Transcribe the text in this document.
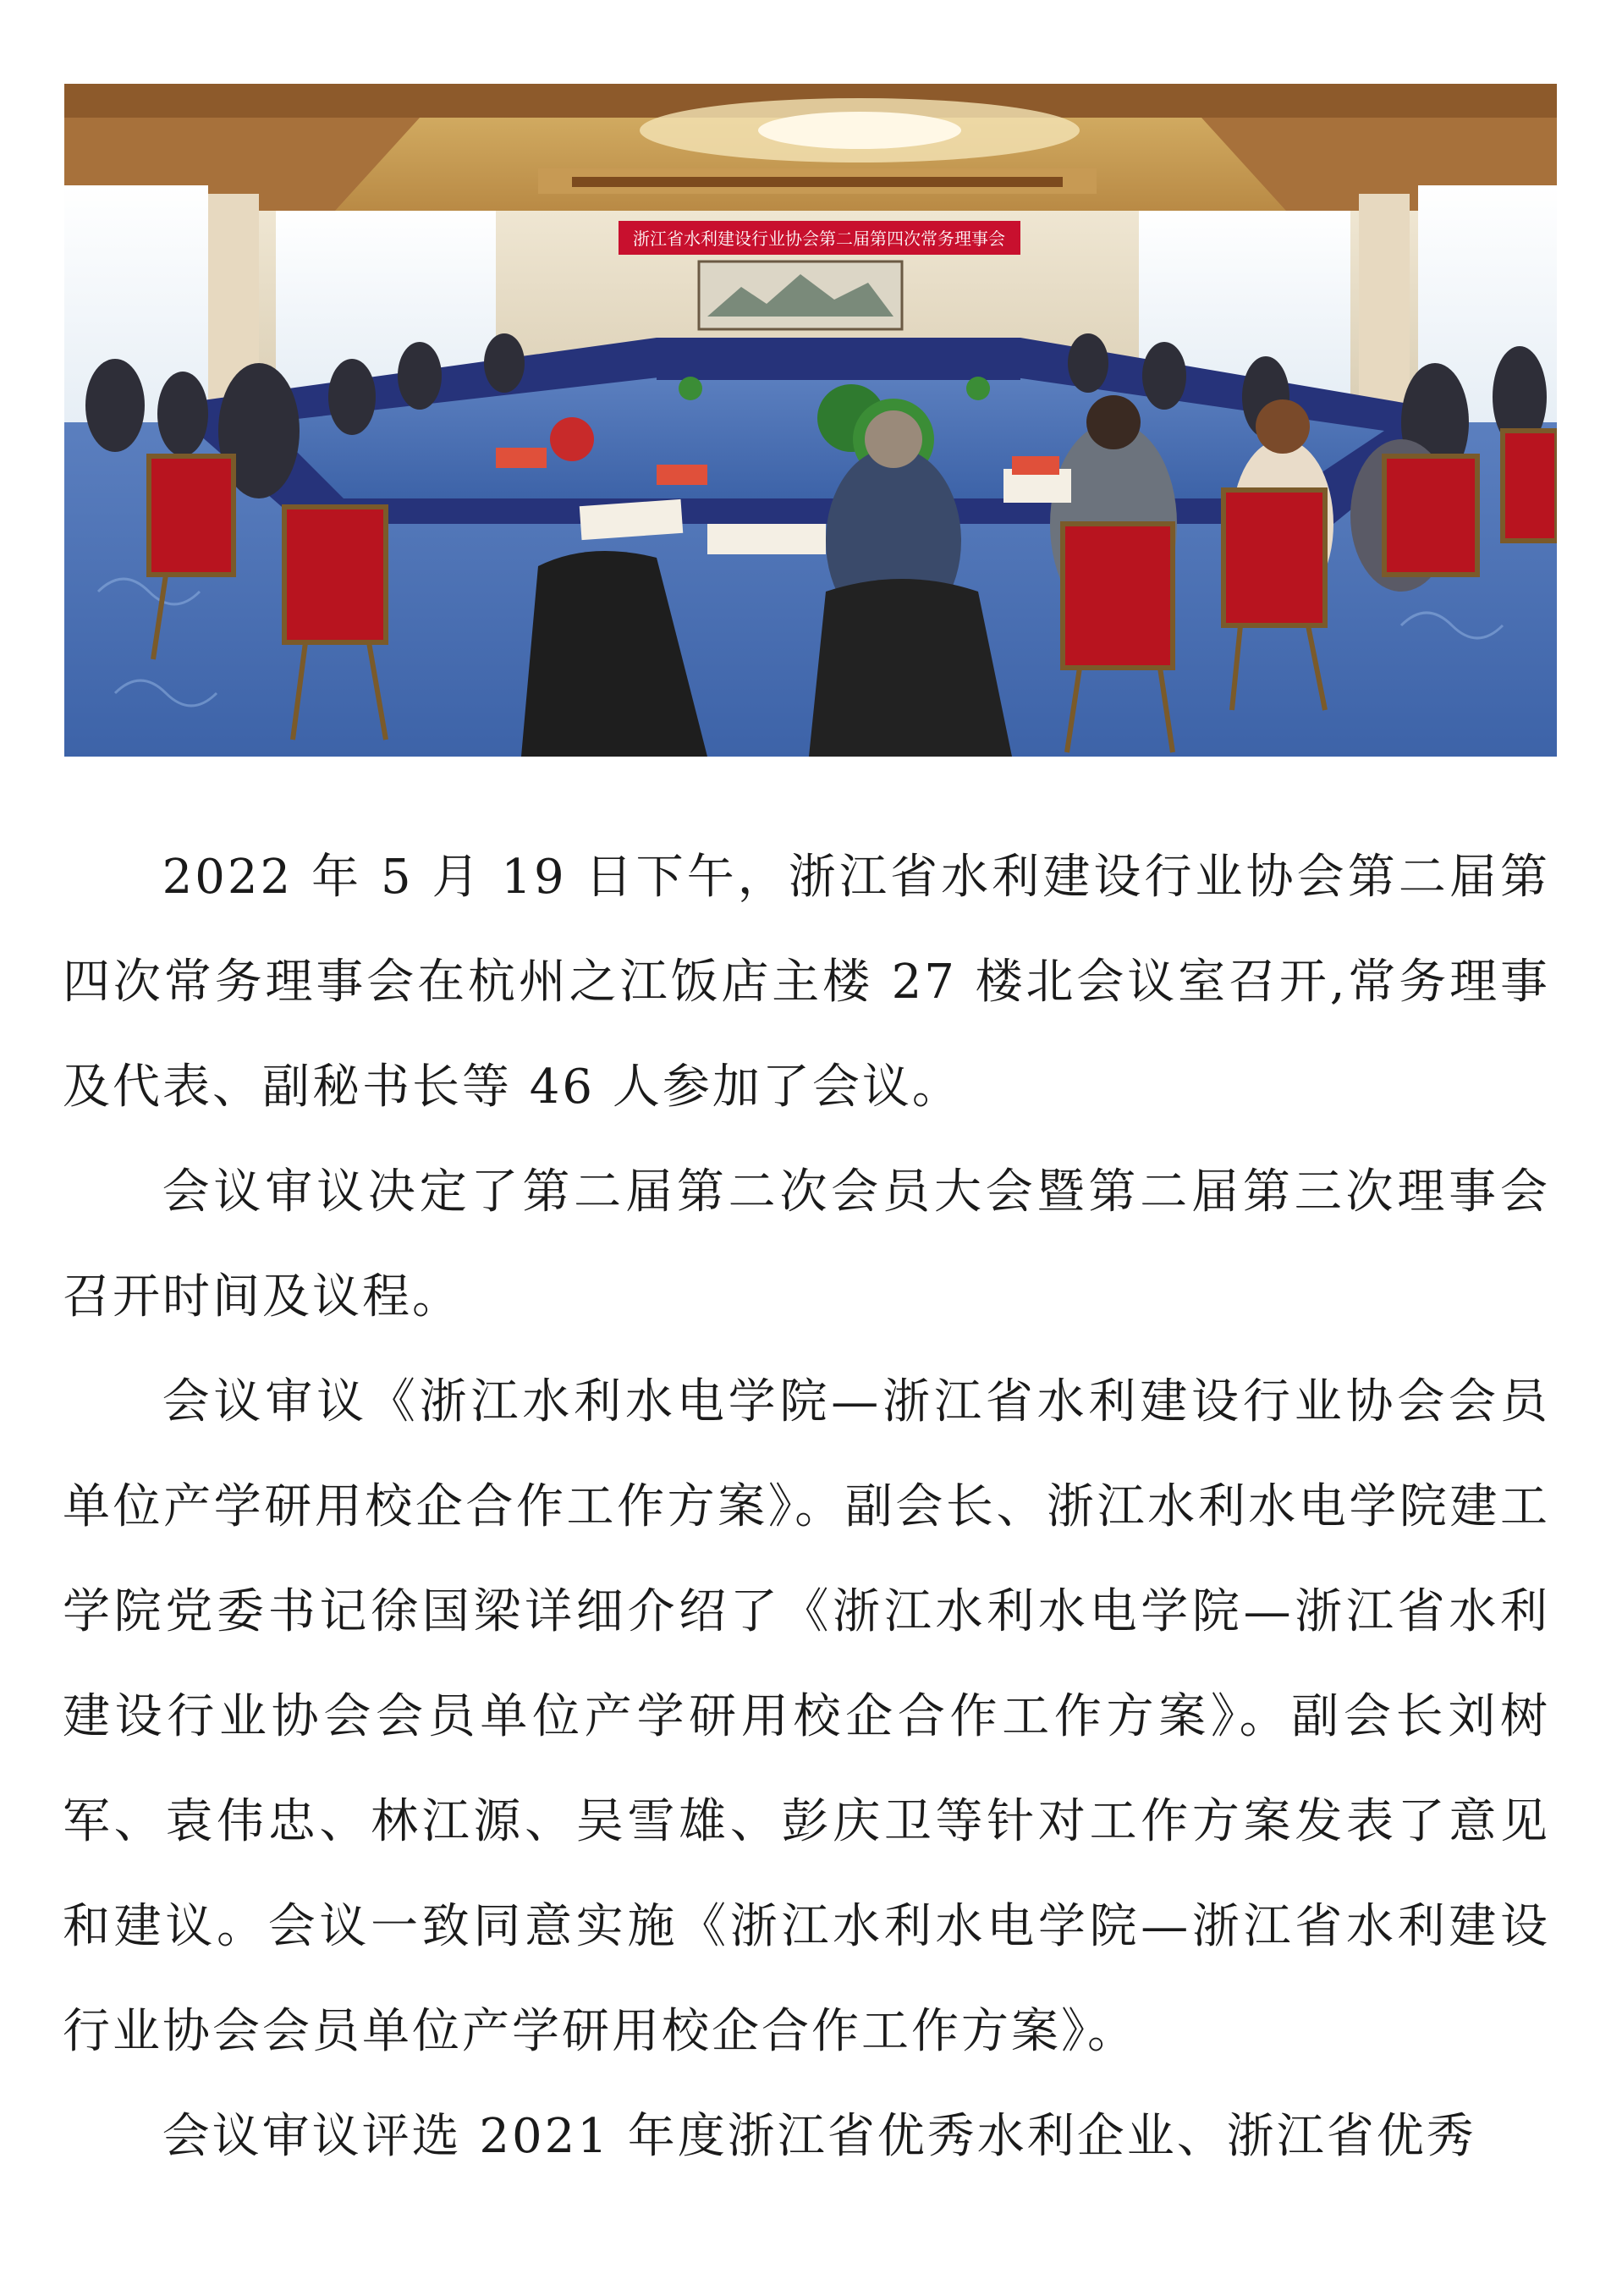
浙江省水利建设行业协会第二届第四次常务理事会

2022 年 5 月 19 日下午，浙江省水利建设行业协会第二届第四次常务理事会在杭州之江饭店主楼 27 楼北会议室召开,常务理事及代表、副秘书长等 46 人参加了会议。

会议审议决定了第二届第二次会员大会暨第二届第三次理事会召开时间及议程。

会议审议《浙江水利水电学院—浙江省水利建设行业协会会员单位产学研用校企合作工作方案》。副会长、浙江水利水电学院建工学院党委书记徐国梁详细介绍了《浙江水利水电学院—浙江省水利建设行业协会会员单位产学研用校企合作工作方案》。副会长刘树军、袁伟忠、林江源、吴雪雄、彭庆卫等针对工作方案发表了意见和建议。会议一致同意实施《浙江水利水电学院—浙江省水利建设行业协会会员单位产学研用校企合作工作方案》。

会议审议评选 2021 年度浙江省优秀水利企业、浙江省优秀
